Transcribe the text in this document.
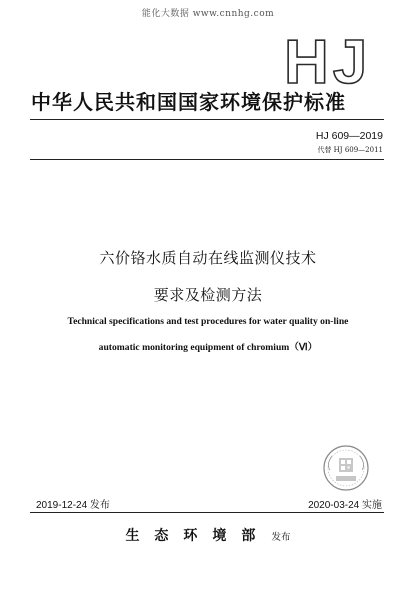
能化大数据 www.cnnhg.com
HJ
中华人民共和国国家环境保护标准
HJ 609—2019
代替 HJ 609—2011
六价铬水质自动在线监测仪技术
要求及检测方法
Technical specifications and test procedures for water quality on-line
automatic monitoring equipment of chromium（Ⅵ）
2019-12-24 发布	2020-03-24 实施
生态环境部 发布
